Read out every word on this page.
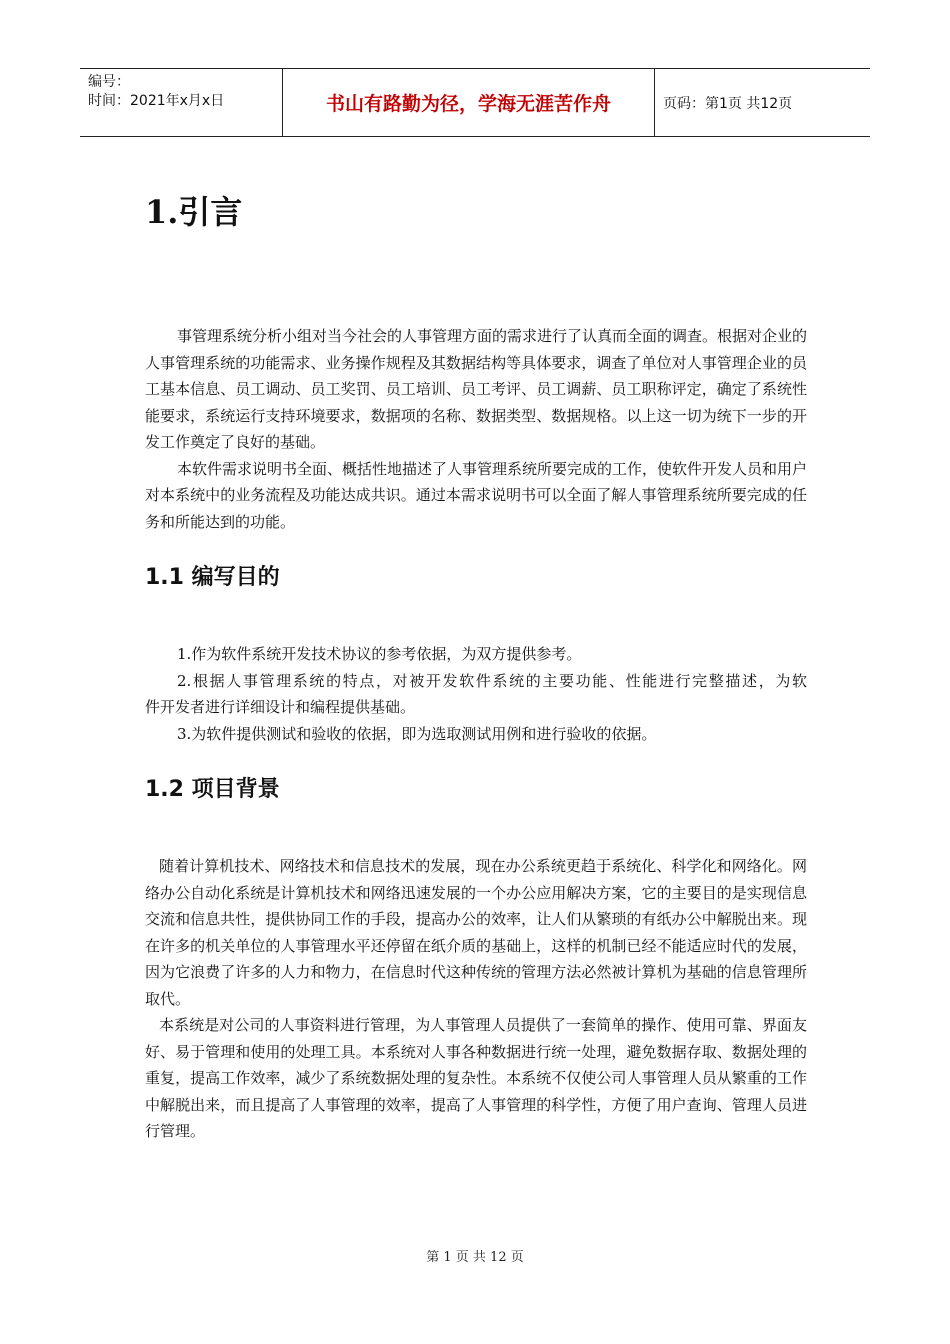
编号：
时间：2021年x月x日	书山有路勤为径，学海无涯苦作舟	页码：第1页 共12页
1.引言

事管理系统分析小组对当今社会的人事管理方面的需求进行了认真而全面的调查。根据对企业的人事管理系统的功能需求、业务操作规程及其数据结构等具体要求，调查了单位对人事管理企业的员工基本信息、员工调动、员工奖罚、员工培训、员工考评、员工调薪、员工职称评定，确定了系统性能要求，系统运行支持环境要求，数据项的名称、数据类型、数据规格。以上这一切为统下一步的开发工作奠定了良好的基础。

本软件需求说明书全面、概括性地描述了人事管理系统所要完成的工作，使软件开发人员和用户对本系统中的业务流程及功能达成共识。通过本需求说明书可以全面了解人事管理系统所要完成的任务和所能达到的功能。

1.1 编写目的

1.作为软件系统开发技术协议的参考依据，为双方提供参考。

2.根据人事管理系统的特点，对被开发软件系统的主要功能、性能进行完整描述，为软　　　　　件开发者进行详细设计和编程提供基础。

3.为软件提供测试和验收的依据，即为选取测试用例和进行验收的依据。

1.2 项目背景

随着计算机技术、网络技术和信息技术的发展，现在办公系统更趋于系统化、科学化和网络化。网络办公自动化系统是计算机技术和网络迅速发展的一个办公应用解决方案，它的主要目的是实现信息交流和信息共性，提供协同工作的手段，提高办公的效率，让人们从繁琐的有纸办公中解脱出来。现在许多的机关单位的人事管理水平还停留在纸介质的基础上，这样的机制已经不能适应时代的发展，因为它浪费了许多的人力和物力，在信息时代这种传统的管理方法必然被计算机为基础的信息管理所取代。

本系统是对公司的人事资料进行管理，为人事管理人员提供了一套简单的操作、使用可靠、界面友好、易于管理和使用的处理工具。本系统对人事各种数据进行统一处理，避免数据存取、数据处理的重复，提高工作效率，减少了系统数据处理的复杂性。本系统不仅使公司人事管理人员从繁重的工作中解脱出来，而且提高了人事管理的效率，提高了人事管理的科学性，方便了用户查询、管理人员进行管理。

第 1 页 共 12 页
